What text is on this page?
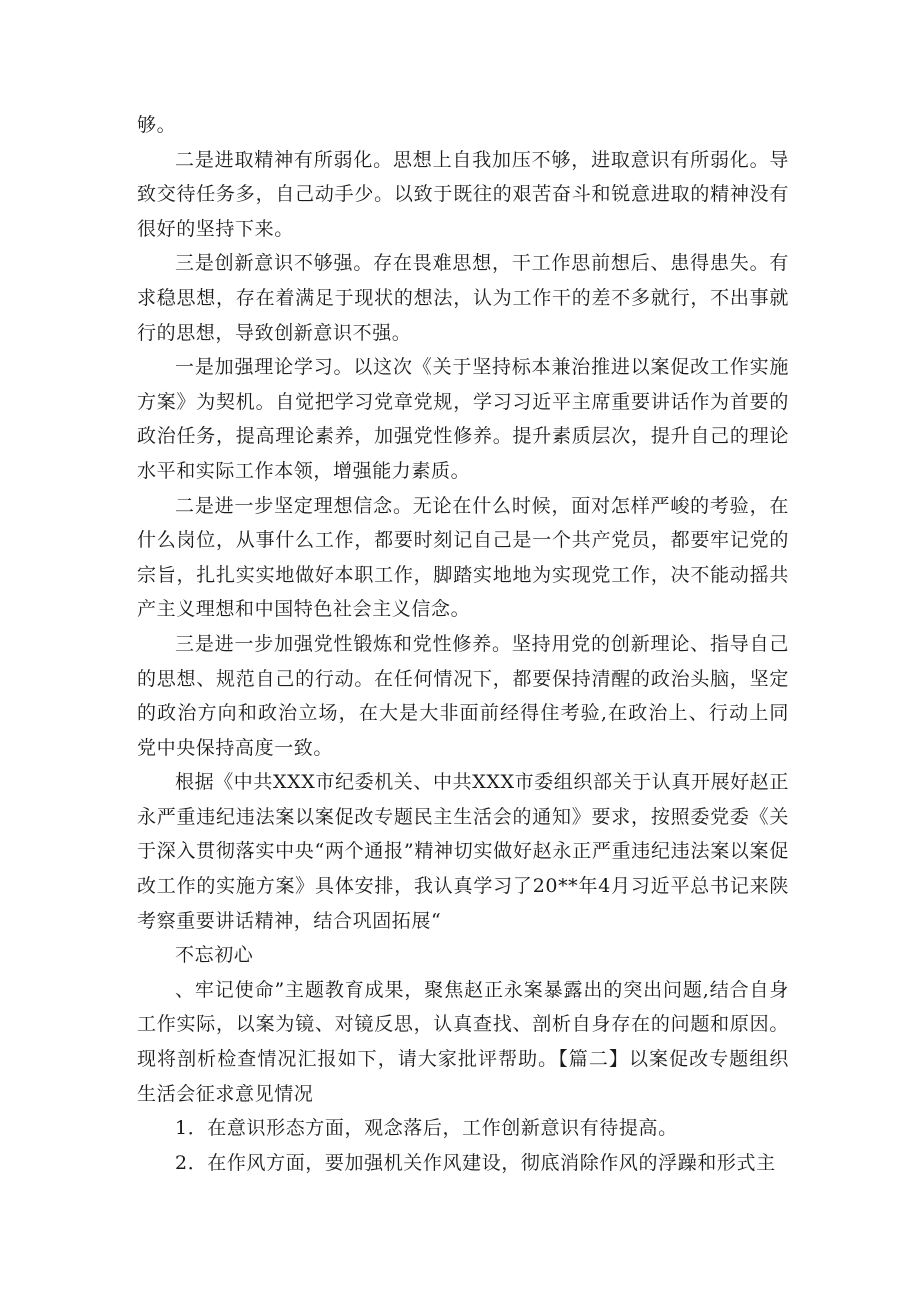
够。

二是进取精神有所弱化。思想上自我加压不够，进取意识有所弱化。导致交待任务多，自己动手少。以致于既往的艰苦奋斗和锐意进取的精神没有很好的坚持下来。

三是创新意识不够强。存在畏难思想，干工作思前想后、患得患失。有求稳思想，存在着满足于现状的想法，认为工作干的差不多就行，不出事就行的思想，导致创新意识不强。

一是加强理论学习。以这次《关于坚持标本兼治推进以案促改工作实施方案》为契机。自觉把学习党章党规，学习习近平主席重要讲话作为首要的政治任务，提高理论素养，加强党性修养。提升素质层次，提升自己的理论水平和实际工作本领，增强能力素质。

二是进一步坚定理想信念。无论在什么时候，面对怎样严峻的考验，在什么岗位，从事什么工作，都要时刻记自己是一个共产党员，都要牢记党的宗旨，扎扎实实地做好本职工作，脚踏实地地为实现党工作，决不能动摇共产主义理想和中国特色社会主义信念。

三是进一步加强党性锻炼和党性修养。坚持用党的创新理论、指导自己的思想、规范自己的行动。在任何情况下，都要保持清醒的政治头脑，坚定的政治方向和政治立场，在大是大非面前经得住考验,在政治上、行动上同党中央保持高度一致。

根据《中共XXX市纪委机关、中共XXX市委组织部关于认真开展好赵正永严重违纪违法案以案促改专题民主生活会的通知》要求，按照委党委《关于深入贯彻落实中央“两个通报”精神切实做好赵永正严重违纪违法案以案促改工作的实施方案》具体安排，我认真学习了20**年4月习近平总书记来陕考察重要讲话精神，结合巩固拓展“

不忘初心

、牢记使命”主题教育成果，聚焦赵正永案暴露出的突出问题,结合自身工作实际，以案为镜、对镜反思，认真查找、剖析自身存在的问题和原因。现将剖析检查情况汇报如下，请大家批评帮助。【篇二】以案促改专题组织生活会征求意见情况

1．在意识形态方面，观念落后，工作创新意识有待提高。

2．在作风方面，要加强机关作风建设，彻底消除作风的浮躁和形式主
